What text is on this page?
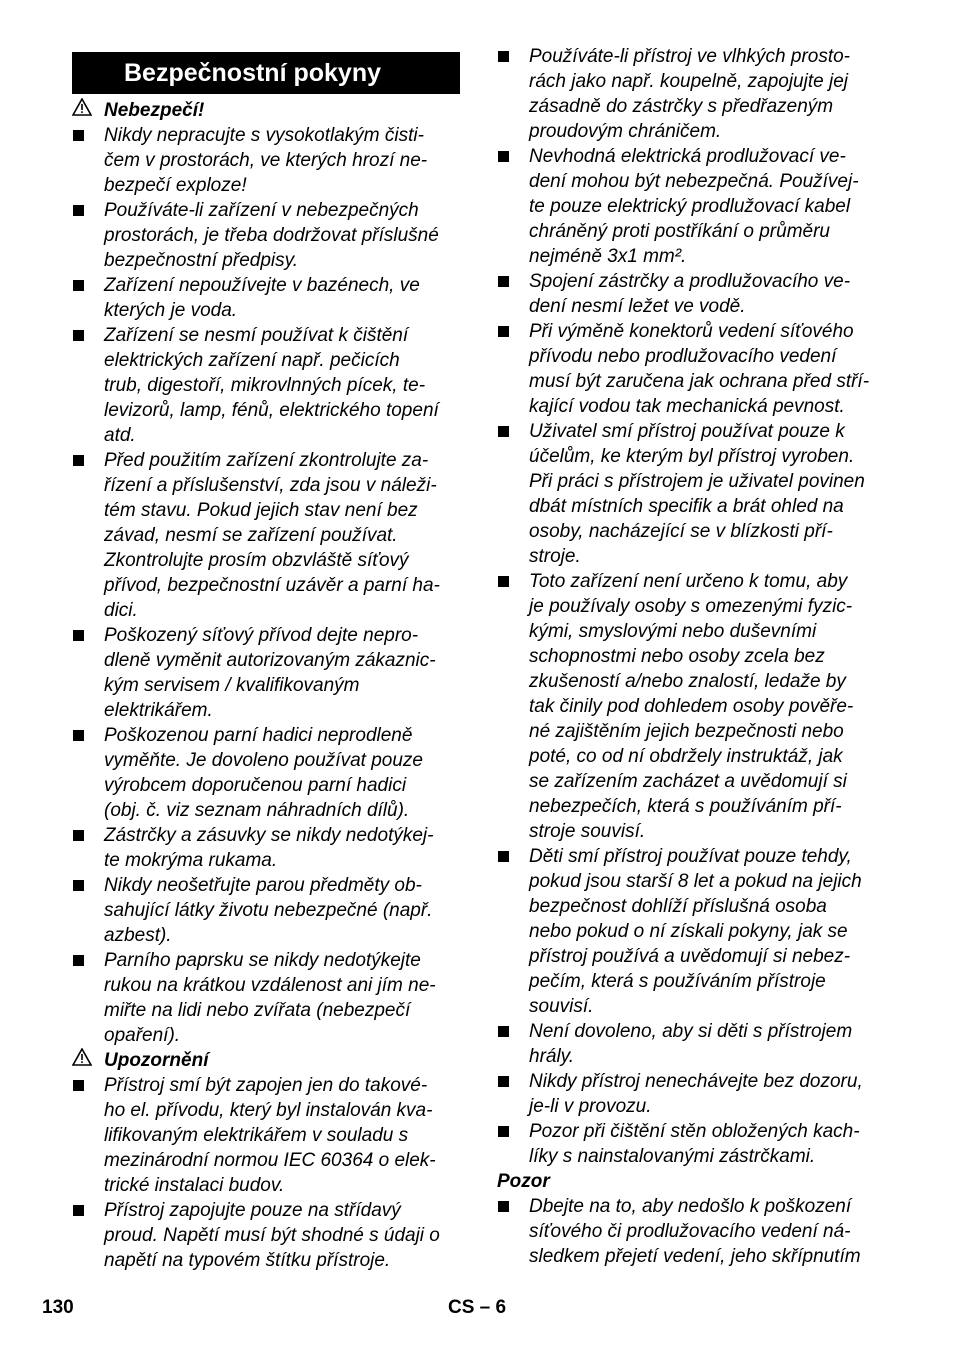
Bezpečnostní pokyny
Nebezpečí!
Nikdy nepracujte s vysokotlakým čisti-
čem v prostorách, ve kterých hrozí ne-
bezpečí exploze!
Používáte-li zařízení v nebezpečných
prostorách, je třeba dodržovat příslušné
bezpečnostní předpisy.
Zařízení nepoužívejte v bazénech, ve
kterých je voda.
Zařízení se nesmí používat k čištění
elektrických zařízení např. pečicích
trub, digestoří, mikrovlnných pícek, te-
levizorů, lamp, fénů, elektrického topení
atd.
Před použitím zařízení zkontrolujte za-
řízení a příslušenství, zda jsou v náleži-
tém stavu. Pokud jejich stav není bez
závad, nesmí se zařízení používat.
Zkontrolujte prosím obzvláště síťový
přívod, bezpečnostní uzávěr a parní ha-
dici.
Poškozený síťový přívod dejte nepro-
dleně vyměnit autorizovaným zákaznic-
kým servisem / kvalifikovaným
elektrikářem.
Poškozenou parní hadici neprodleně
vyměňte. Je dovoleno používat pouze
výrobcem doporučenou parní hadici
(obj. č. viz seznam náhradních dílů).
Zástrčky a zásuvky se nikdy nedotýkej-
te mokrýma rukama.
Nikdy neošetřujte parou předměty ob-
sahující látky životu nebezpečné (např.
azbest).
Parního paprsku se nikdy nedotýkejte
rukou na krátkou vzdálenost ani jím ne-
miřte na lidi nebo zvířata (nebezpečí
opaření).
Upozornění
Přístroj smí být zapojen jen do takové-
ho el. přívodu, který byl instalován kva-
lifikovaným elektrikářem v souladu s
mezinárodní normou IEC 60364 o elek-
trické instalaci budov.
Přístroj zapojujte pouze na střídavý
proud. Napětí musí být shodné s údaji o
napětí na typovém štítku přístroje.
Používáte-li přístroj ve vlhkých prosto-
rách jako např. koupelně, zapojujte jej
zásadně do zástrčky s předřazeným
proudovým chráničem.
Nevhodná elektrická prodlužovací ve-
dení mohou být nebezpečná. Používej-
te pouze elektrický prodlužovací kabel
chráněný proti postříkání o průměru
nejméně 3x1 mm².
Spojení zástrčky a prodlužovacího ve-
dení nesmí ležet ve vodě.
Při výměně konektorů vedení síťového
přívodu nebo prodlužovacího vedení
musí být zaručena jak ochrana před stří-
kající vodou tak mechanická pevnost.
Uživatel smí přístroj používat pouze k
účelům, ke kterým byl přístroj vyroben.
Při práci s přístrojem je uživatel povinen
dbát místních specifik a brát ohled na
osoby, nacházející se v blízkosti pří-
stroje.
Toto zařízení není určeno k tomu, aby
je používaly osoby s omezenými fyzic-
kými, smyslovými nebo duševními
schopnostmi nebo osoby zcela bez
zkušeností a/nebo znalostí, ledaže by
tak činily pod dohledem osoby pověře-
né zajištěním jejich bezpečnosti nebo
poté, co od ní obdržely instruktáž, jak
se zařízením zacházet a uvědomují si
nebezpečích, která s používáním pří-
stroje souvisí.
Děti smí přístroj používat pouze tehdy,
pokud jsou starší 8 let a pokud na jejich
bezpečnost dohlíží příslušná osoba
nebo pokud o ní získali pokyny, jak se
přístroj používá a uvědomují si nebez-
pečím, která s používáním přístroje
souvisí.
Není dovoleno, aby si děti s přístrojem
hrály.
Nikdy přístroj nenechávejte bez dozoru,
je-li v provozu.
Pozor při čištění stěn obložených kach-
líky s nainstalovanými zástrčkami.
Pozor
Dbejte na to, aby nedošlo k poškození
síťového či prodlužovacího vedení ná-
sledkem přejetí vedení, jeho skřípnutím
130	CS – 6
